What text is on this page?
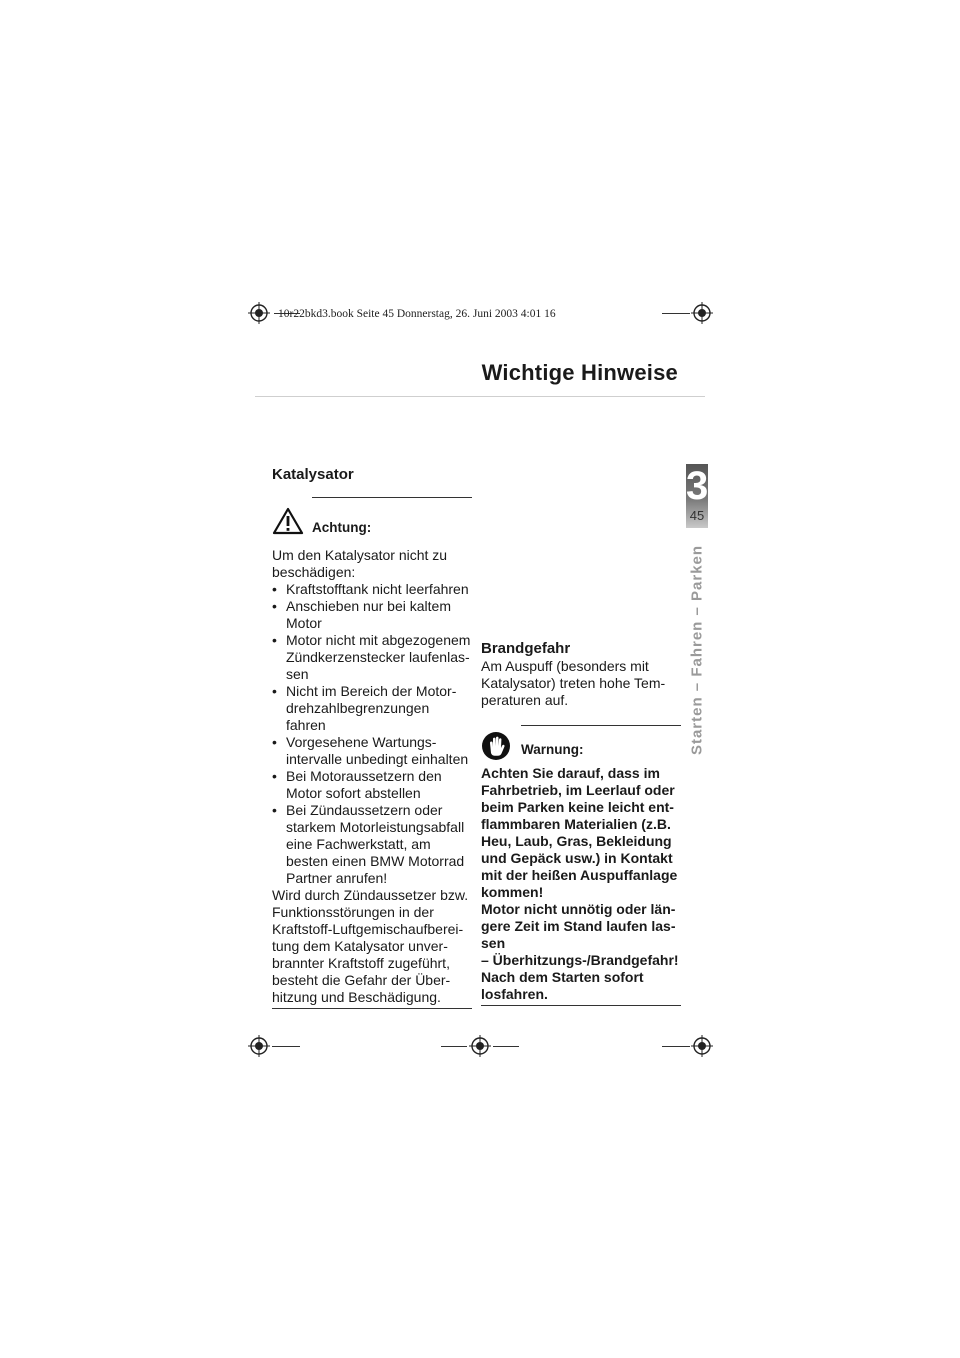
10r22bkd3.book Seite 45 Donnerstag, 26. Juni 2003 4:01 16
Wichtige Hinweise
3
45
Starten – Fahren – Parken
Katalysator
Achtung:
Um den Katalysator nicht zu beschädigen:
• Kraftstofftank nicht leerfahren
• Anschieben nur bei kaltem Motor
• Motor nicht mit abgezogenem Zündkerzenstecker laufenlas-sen
• Nicht im Bereich der Motor-drehzahlbegrenzungen fahren
• Vorgesehene Wartungs-intervalle unbedingt einhalten
• Bei Motoraussetzern den Motor sofort abstellen
• Bei Zündaussetzern oder starkem Motorleistungsabfall eine Fachwerkstatt, am besten einen BMW Motorrad Partner anrufen!
Wird durch Zündaussetzer bzw. Funktionsstörungen in der Kraftstoff-Luftgemischaufberei-tung dem Katalysator unver-brannter Kraftstoff zugeführt, besteht die Gefahr der Über-hitzung und Beschädigung.
Brandgefahr
Am Auspuff (besonders mit Katalysator) treten hohe Tem-peraturen auf.
Warnung:
Achten Sie darauf, dass im Fahrbetrieb, im Leerlauf oder beim Parken keine leicht ent-flammbaren Materialien (z.B. Heu, Laub, Gras, Bekleidung und Gepäck usw.) in Kontakt mit der heißen Auspuffanlage kommen!
Motor nicht unnötig oder län-gere Zeit im Stand laufen las-sen
– Überhitzungs-/Brandgefahr! Nach dem Starten sofort losfahren.
